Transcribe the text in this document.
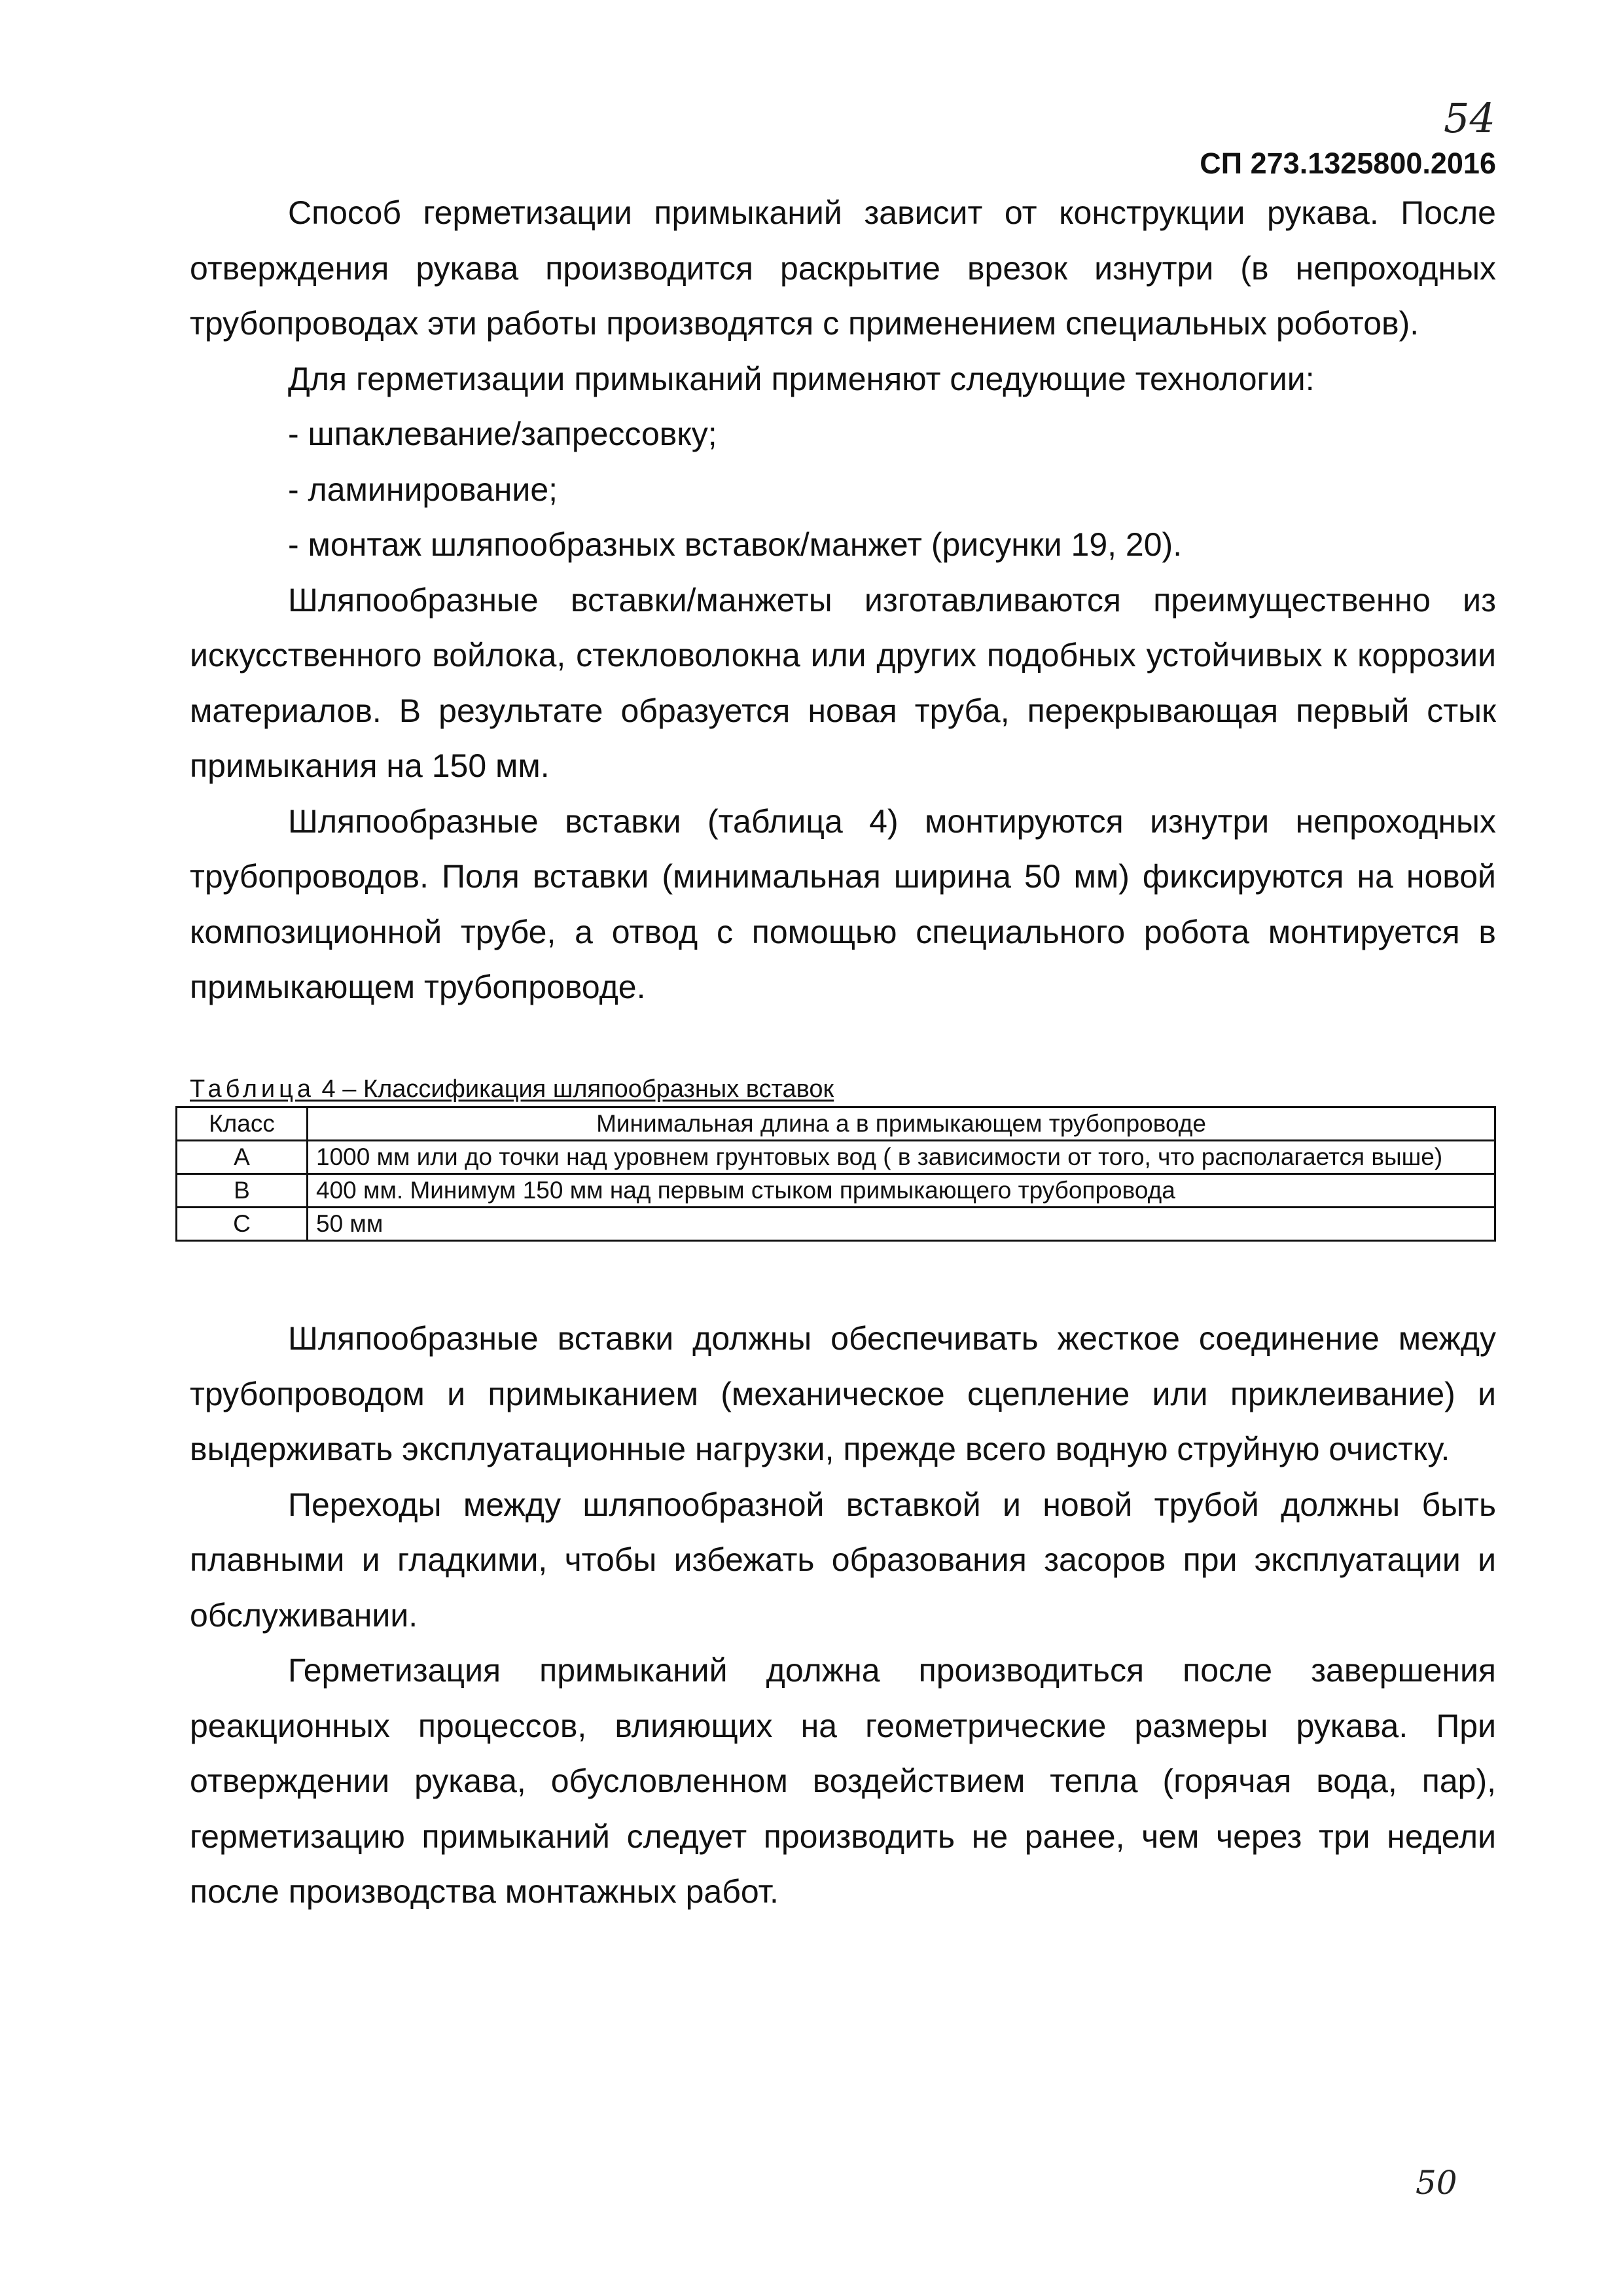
54
СП 273.1325800.2016

Способ герметизации примыканий зависит от конструкции рукава. После отверждения рукава производится раскрытие врезок изнутри (в непроходных трубопроводах эти работы производятся с применением специальных роботов).

Для герметизации примыканий применяют следующие технологии:

- шпаклевание/запрессовку;

- ламинирование;

- монтаж шляпообразных вставок/манжет (рисунки 19, 20).

Шляпообразные вставки/манжеты изготавливаются преимущественно из искусственного войлока, стекловолокна или других подобных устойчивых к коррозии материалов. В результате образуется новая труба, перекрывающая первый стык примыкания на 150 мм.

Шляпообразные вставки (таблица 4) монтируются изнутри непроходных трубопроводов. Поля вставки (минимальная ширина 50 мм) фиксируются на новой композиционной трубе, а отвод с помощью специального робота монтируется в примыкающем трубопроводе.

Таблица 4 – Классификация шляпообразных вставок
Класс	Минимальная длина a в примыкающем трубопроводе
A	1000 мм или до точки над уровнем грунтовых вод ( в зависимости от того, что располагается выше)
B	400 мм. Минимум 150 мм над первым стыком примыкающего трубопровода
C	50 мм

Шляпообразные вставки должны обеспечивать жесткое соединение между трубопроводом и примыканием (механическое сцепление или приклеивание) и выдерживать эксплуатационные нагрузки, прежде всего водную струйную очистку.

Переходы между шляпообразной вставкой и новой трубой должны быть плавными и гладкими, чтобы избежать образования засоров при эксплуатации и обслуживании.

Герметизация примыканий должна производиться после завершения реакционных процессов, влияющих на геометрические размеры рукава. При отверждении рукава, обусловленном воздействием тепла (горячая вода, пар), герметизацию примыканий следует производить не ранее, чем через три недели после производства монтажных работ.

50
